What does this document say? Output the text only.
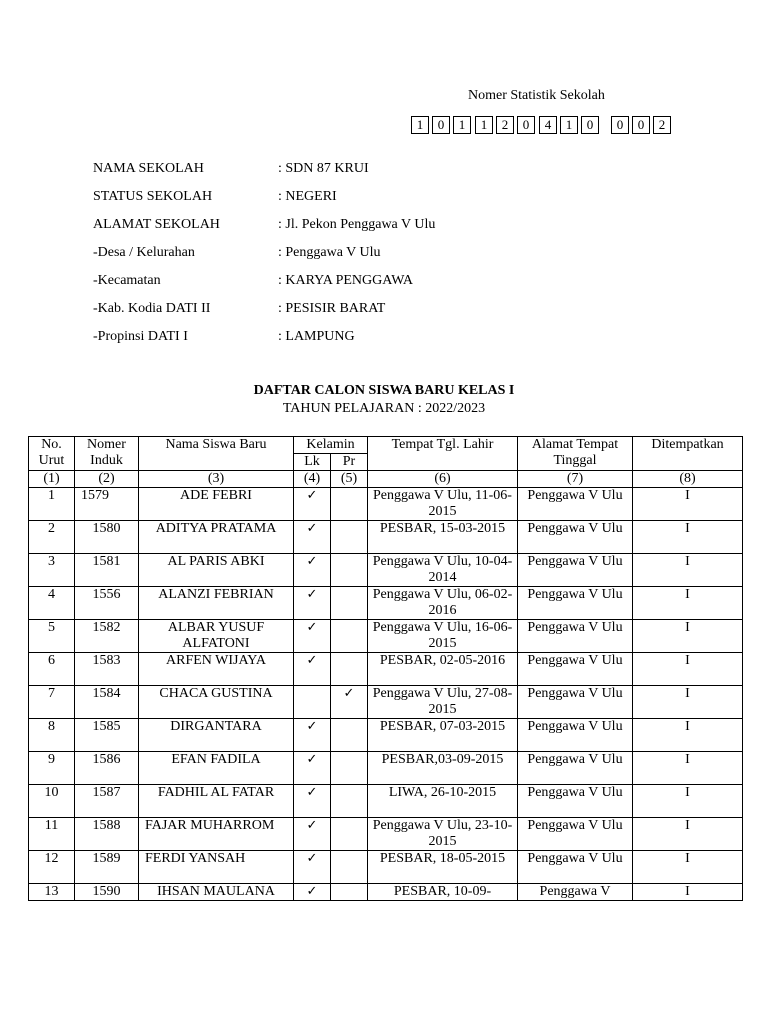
Nomer Statistik Sekolah
1	0	1	1	2	0	4	1	0	0	0	2
NAMA SEKOLAH	: SDN 87 KRUI
STATUS SEKOLAH	: NEGERI
ALAMAT SEKOLAH	: Jl. Pekon Penggawa V Ulu
-Desa / Kelurahan	: Penggawa V Ulu
-Kecamatan	: KARYA PENGGAWA
-Kab. Kodia DATI II	: PESISIR BARAT
-Propinsi DATI I	: LAMPUNG
DAFTAR CALON SISWA BARU KELAS I
TAHUN PELAJARAN : 2022/2023
No. Urut	Nomer Induk	Nama Siswa Baru	Kelamin		Tempat Tgl. Lahir	Alamat Tempat Tinggal	Ditempatkan
			Lk	Pr			
(1)	(2)	(3)	(4)	(5)	(6)	(7)	(8)
1	1579	ADE FEBRI	✓		Penggawa V Ulu, 11-06-2015	Penggawa V Ulu	I
2	1580	ADITYA PRATAMA	✓		PESBAR, 15-03-2015	Penggawa V Ulu	I
3	1581	AL PARIS ABKI	✓		Penggawa V Ulu, 10-04-2014	Penggawa V Ulu	I
4	1556	ALANZI FEBRIAN	✓		Penggawa V Ulu, 06-02-2016	Penggawa V Ulu	I
5	1582	ALBAR YUSUF ALFATONI	✓		Penggawa V Ulu, 16-06-2015	Penggawa V Ulu	I
6	1583	ARFEN WIJAYA	✓		PESBAR, 02-05-2016	Penggawa V Ulu	I
7	1584	CHACA GUSTINA		✓	Penggawa V Ulu, 27-08-2015	Penggawa V Ulu	I
8	1585	DIRGANTARA	✓		PESBAR, 07-03-2015	Penggawa V Ulu	I
9	1586	EFAN FADILA	✓		PESBAR,03-09-2015	Penggawa V Ulu	I
10	1587	FADHIL AL FATAR	✓		LIWA, 26-10-2015	Penggawa V Ulu	I
11	1588	FAJAR MUHARROM	✓		Penggawa V Ulu, 23-10-2015	Penggawa V Ulu	I
12	1589	FERDI YANSAH	✓		PESBAR, 18-05-2015	Penggawa V Ulu	I
13	1590	IHSAN MAULANA	✓		PESBAR, 10-09-	Penggawa V	I
